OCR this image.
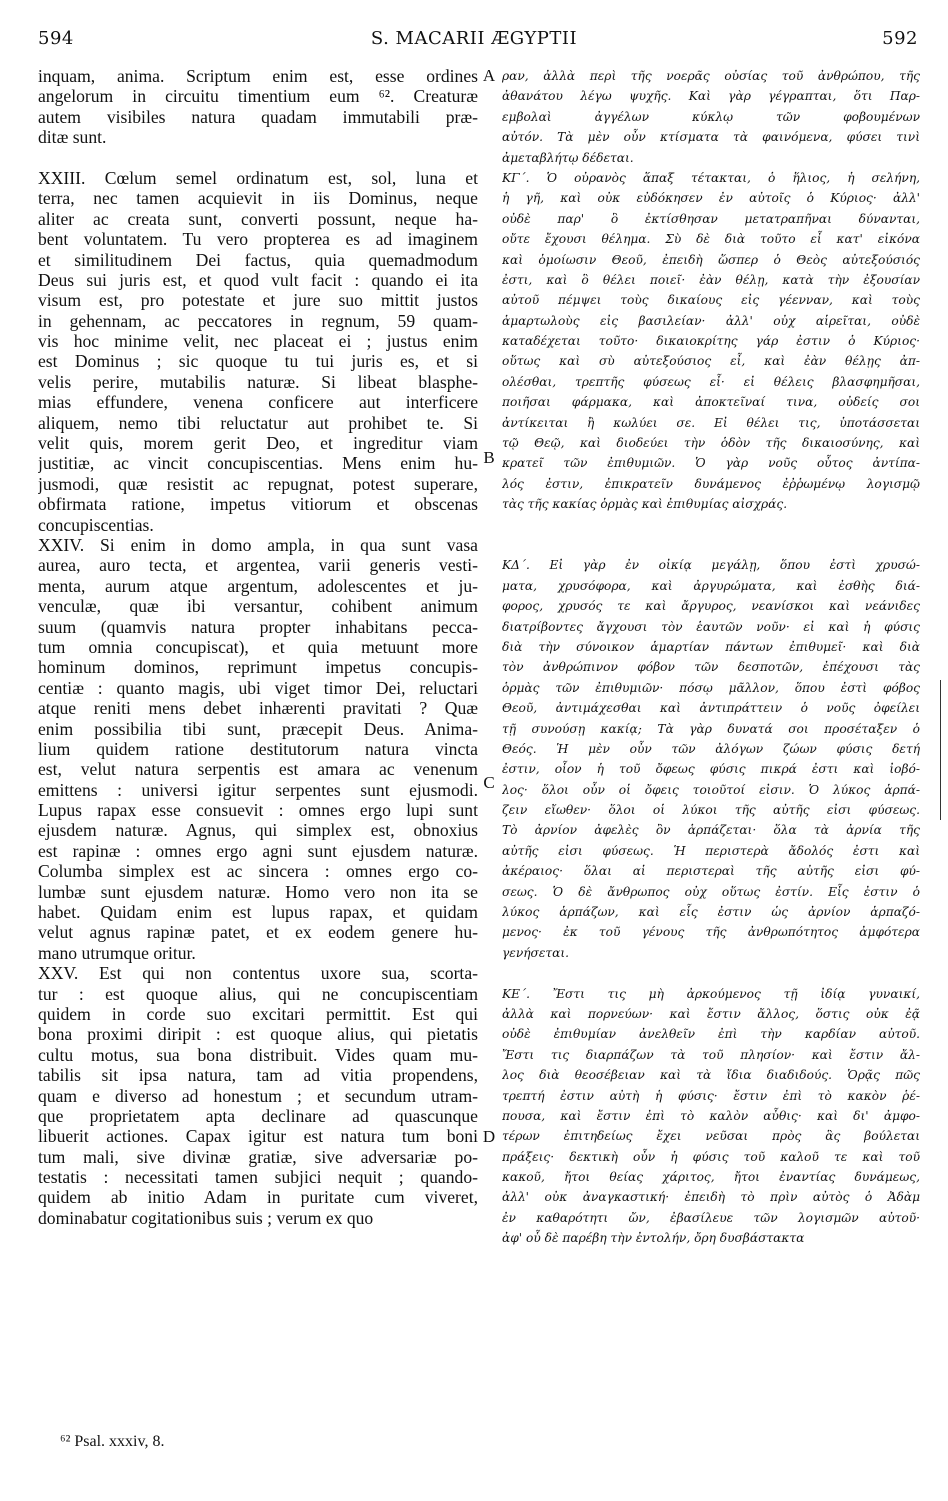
594	S. MACARII ÆGYPTII	592
inquam, anima. Scriptum enim est, esse ordines
angelorum in circuitu timentium eum ⁶². Creaturæ
autem visibiles natura quadam immutabili præ-
ditæ sunt.
XXIII. Cœlum semel ordinatum est, sol, luna et
terra, nec tamen acquievit in iis Dominus, neque
aliter ac creata sunt, converti possunt, neque ha-
bent voluntatem. Tu vero propterea es ad imaginem
et similitudinem Dei factus, quia quemadmodum
Deus sui juris est, et quod vult facit : quando ei ita
visum est, pro potestate et jure suo mittit justos
in gehennam, ac peccatores in regnum, 59 quam-
vis hoc minime velit, nec placeat ei ; justus enim
est Dominus ; sic quoque tu tui juris es, et si
velis perire, mutabilis naturæ. Si libeat blasphe-
mias effundere, venena conficere aut interficere
aliquem, nemo tibi reluctatur aut prohibet te. Si
velit quis, morem gerit Deo, et ingreditur viam
justitiæ, ac vincit concupiscentias. Mens enim hu-
jusmodi, quæ resistit ac repugnat, potest superare,
obfirmata ratione, impetus vitiorum et obscenas
concupiscentias.
XXIV. Si enim in domo ampla, in qua sunt vasa
aurea, auro tecta, et argentea, varii generis vesti-
menta, aurum atque argentum, adolescentes et ju-
venculæ, quæ ibi versantur, cohibent animum
suum (quamvis natura propter inhabitans pecca-
tum omnia concupiscat), et quia metuunt more
hominum dominos, reprimunt impetus concupis-
centiæ : quanto magis, ubi viget timor Dei, reluctari
atque reniti mens debet inhærenti pravitati ? Quæ
enim possibilia tibi sunt, præcepit Deus. Anima-
lium quidem ratione destitutorum natura vincta
est, velut natura serpentis est amara ac venenum
emittens : universi igitur serpentes sunt ejusmodi.
Lupus rapax esse consuevit : omnes ergo lupi sunt
ejusdem naturæ. Agnus, qui simplex est, obnoxius
est rapinæ : omnes ergo agni sunt ejusdem naturæ.
Columba simplex est ac sincera : omnes ergo co-
lumbæ sunt ejusdem naturæ. Homo vero non ita se
habet. Quidam enim est lupus rapax, et quidam
velut agnus rapinæ patet, et ex eodem genere hu-
mano utrumque oritur.
XXV. Est qui non contentus uxore sua, scorta-
tur : est quoque alius, qui ne concupiscentiam
quidem in corde suo excitari permittit. Est qui
bona proximi diripit : est quoque alius, qui pietatis
cultu motus, sua bona distribuit. Vides quam mu-
tabilis sit ipsa natura, tam ad vitia propendens,
quam e diverso ad honestum ; et secundum utram-
que proprietatem apta declinare ad quascunque
libuerit actiones. Capax igitur est natura tum boni
tum mali, sive divinæ gratiæ, sive adversariæ po-
testatis : necessitati tamen subjici nequit ; quando-
quidem ab initio Adam in puritate cum viveret,
dominabatur cogitationibus suis ; verum ex quo
ραν, ἀλλὰ περὶ τῆς νοερᾶς οὐσίας τοῦ ἀνθρώπου, τῆς
ἀθανάτου λέγω ψυχῆς. Καὶ γὰρ γέγραπται, ὅτι Παρ-
εμβολαὶ ἀγγέλων κύκλῳ τῶν φοβουμένων
αὐτόν. Τὰ μὲν οὖν κτίσματα τὰ φαινόμενα, φύσει τινὶ
ἀμεταβλήτῳ δέδεται.
ΚΓ΄. Ὁ οὐρανὸς ἅπαξ τέτακται, ὁ ἥλιος, ἡ σελήνη,
ἡ γῆ, καὶ οὐκ εὐδόκησεν ἐν αὐτοῖς ὁ Κύριος· ἀλλ'
οὐδὲ παρ' ὃ ἐκτίσθησαν μετατραπῆναι δύνανται,
οὔτε ἔχουσι θέλημα. Σὺ δὲ διὰ τοῦτο εἶ κατ' εἰκόνα
καὶ ὁμοίωσιν Θεοῦ, ἐπειδὴ ὥσπερ ὁ Θεὸς αὐτεξούσιός
ἐστι, καὶ ὃ θέλει ποιεῖ· ἐὰν θέλῃ, κατὰ τὴν ἐξουσίαν
αὐτοῦ πέμψει τοὺς δικαίους εἰς γέενναν, καὶ τοὺς
ἁμαρτωλοὺς εἰς βασιλείαν· ἀλλ' οὐχ αἱρεῖται, οὐδὲ
καταδέχεται τοῦτο· δικαιοκρίτης γάρ ἐστιν ὁ Κύριος·
οὕτως καὶ σὺ αὐτεξούσιος εἶ, καὶ ἐὰν θέλῃς ἀπ-
ολέσθαι, τρεπτῆς φύσεως εἶ· εἰ θέλεις βλασφημῆσαι,
ποιῆσαι φάρμακα, καὶ ἀποκτεῖναί τινα, οὐδείς σοι
ἀντίκειται ἢ κωλύει σε. Εἰ θέλει τις, ὑποτάσσεται
τῷ Θεῷ, καὶ διοδεύει τὴν ὁδὸν τῆς δικαιοσύνης, καὶ
κρατεῖ τῶν ἐπιθυμιῶν. Ὁ γὰρ νοῦς οὗτος ἀντίπα-
λός ἐστιν, ἐπικρατεῖν δυνάμενος ἐῤῥωμένῳ λογισμῷ
τὰς τῆς κακίας ὁρμὰς καὶ ἐπιθυμίας αἰσχράς.
ΚΔ΄. Εἰ γὰρ ἐν οἰκίᾳ μεγάλῃ, ὅπου ἐστὶ χρυσώ-
ματα, χρυσόφορα, καὶ ἀργυρώματα, καὶ ἐσθὴς διά-
φορος, χρυσός τε καὶ ἄργυρος, νεανίσκοι καὶ νεάνιδες
διατρίβοντες ἄγχουσι τὸν ἑαυτῶν νοῦν· εἰ καὶ ἡ φύσις
διὰ τὴν σύνοικον ἁμαρτίαν πάντων ἐπιθυμεῖ· καὶ διὰ
τὸν ἀνθρώπινον φόβον τῶν δεσποτῶν, ἐπέχουσι τὰς
ὁρμὰς τῶν ἐπιθυμιῶν· πόσῳ μᾶλλον, ὅπου ἐστὶ φόβος
Θεοῦ, ἀντιμάχεσθαι καὶ ἀντιπράττειν ὁ νοῦς ὀφείλει
τῇ συνούσῃ κακίᾳ; Τὰ γὰρ δυνατά σοι προσέταξεν ὁ
Θεός. Ἡ μὲν οὖν τῶν ἀλόγων ζώων φύσις δετή
ἐστιν, οἷον ἡ τοῦ ὄφεως φύσις πικρά ἐστι καὶ ἰοβό-
λος· ὅλοι οὖν οἱ ὄφεις τοιοῦτοί εἰσιν. Ὁ λύκος ἁρπά-
ζειν εἴωθεν· ὅλοι οἱ λύκοι τῆς αὐτῆς εἰσι φύσεως.
Τὸ ἀρνίον ἀφελὲς ὂν ἁρπάζεται· ὅλα τὰ ἀρνία τῆς
αὐτῆς εἰσι φύσεως. Ἡ περιστερὰ ἄδολός ἐστι καὶ
ἀκέραιος· ὅλαι αἱ περιστεραὶ τῆς αὐτῆς εἰσι φύ-
σεως. Ὁ δὲ ἄνθρωπος οὐχ οὕτως ἐστίν. Εἷς ἐστιν ὁ
λύκος ἁρπάζων, καὶ εἷς ἐστιν ὡς ἀρνίον ἁρπαζό-
μενος· ἐκ τοῦ γένους τῆς ἀνθρωπότητος ἀμφότερα
γενήσεται.
ΚΕ΄. Ἔστι τις μὴ ἀρκούμενος τῇ ἰδίᾳ γυναικί,
ἀλλὰ καὶ πορνεύων· καὶ ἔστιν ἄλλος, ὅστις οὐκ ἐᾷ
οὐδὲ ἐπιθυμίαν ἀνελθεῖν ἐπὶ τὴν καρδίαν αὐτοῦ.
Ἔστι τις διαρπάζων τὰ τοῦ πλησίον· καὶ ἔστιν ἄλ-
λος διὰ θεοσέβειαν καὶ τὰ ἴδια διαδιδούς. Ὁρᾷς πῶς
τρεπτή ἐστιν αὐτὴ ἡ φύσις· ἔστιν ἐπὶ τὸ κακὸν ῥέ-
πουσα, καὶ ἔστιν ἐπὶ τὸ καλὸν αὖθις· καὶ δι' ἀμφο-
τέρων ἐπιτηδείως ἔχει νεῦσαι πρὸς ἃς βούλεται
πράξεις· δεκτικὴ οὖν ἡ φύσις τοῦ καλοῦ τε καὶ τοῦ
κακοῦ, ἤτοι θείας χάριτος, ἤτοι ἐναντίας δυνάμεως,
ἀλλ' οὐκ ἀναγκαστική· ἐπειδὴ τὸ πρὶν αὐτὸς ὁ Ἀδὰμ
ἐν καθαρότητι ὤν, ἐβασίλευε τῶν λογισμῶν αὐτοῦ·
ἀφ' οὗ δὲ παρέβη τὴν ἐντολήν, ὄρη δυσβάστακτα
A
B
C
D
⁶² Psal. xxxiv, 8.
